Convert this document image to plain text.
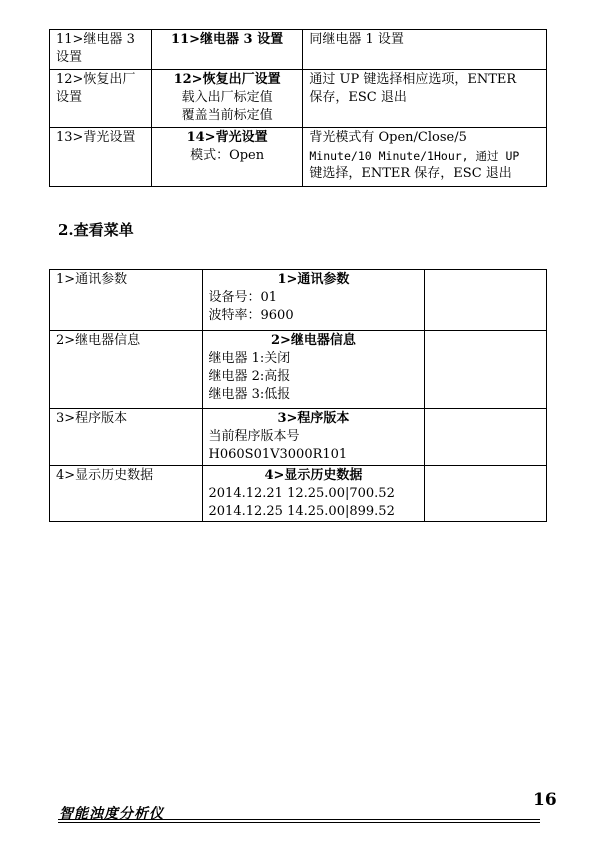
11>继电器 3
设置	11>继电器 3 设置	同继电器 1 设置

12>恢复出厂
设置	12>恢复出厂设置
载入出厂标定值
覆盖当前标定值	通过 UP 键选择相应选项，ENTER
保存，ESC 退出

13>背光设置	14>背光设置
模式：Open	背光模式有 Open/Close/5
Minute/10 Minute/1Hour, 通过 UP
键选择，ENTER 保存，ESC 退出
2.查看菜单
1>通讯参数	1>通讯参数
设备号：01
波特率：9600	

2>继电器信息	2>继电器信息
继电器 1:关闭
继电器 2:高报
继电器 3:低报	

3>程序版本	3>程序版本
当前程序版本号
H060S01V3000R101	

4>显示历史数据	4>显示历史数据
2014.12.21 12.25.00|700.52
2014.12.25 14.25.00|899.52	

16
智能浊度分析仪
